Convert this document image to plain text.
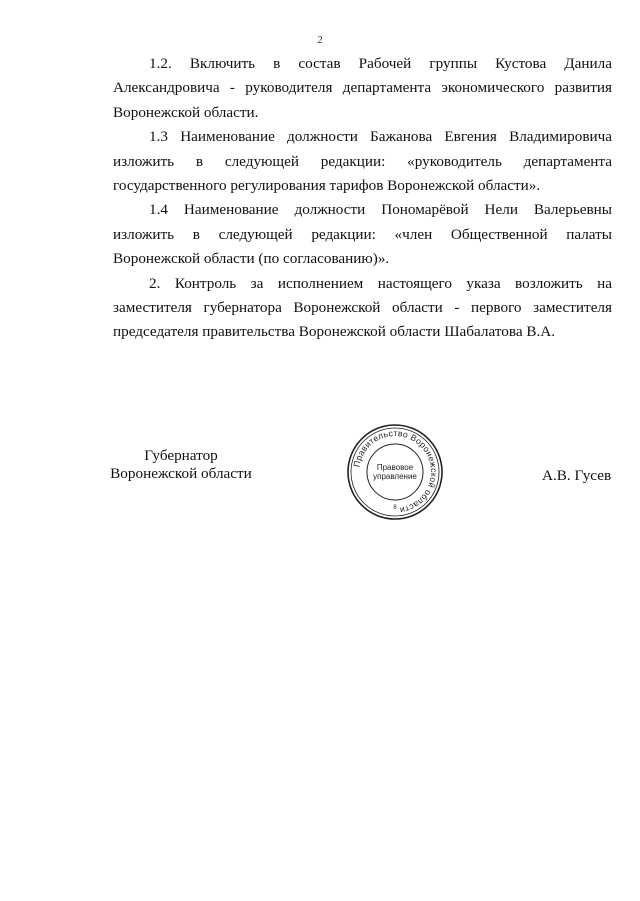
2

1.2. Включить в состав Рабочей группы Кустова Данила Александровича - руководителя департамента экономического развития Воронежской области.

1.3 Наименование должности Бажанова Евгения Владимировича изложить в следующей редакции: «руководитель департамента государственного регулирования тарифов Воронежской области».

1.4 Наименование должности Пономарёвой Нели Валерьевны изложить в следующей редакции: «член Общественной палаты Воронежской области (по согласованию)».

2. Контроль за исполнением настоящего указа возложить на заместителя губернатора Воронежской области - первого заместителя председателя правительства Воронежской области Шабалатова В.А.

Губернатор
Воронежской области
Правительство Воронежской области
Правовое
управление
8
А.В. Гусев
